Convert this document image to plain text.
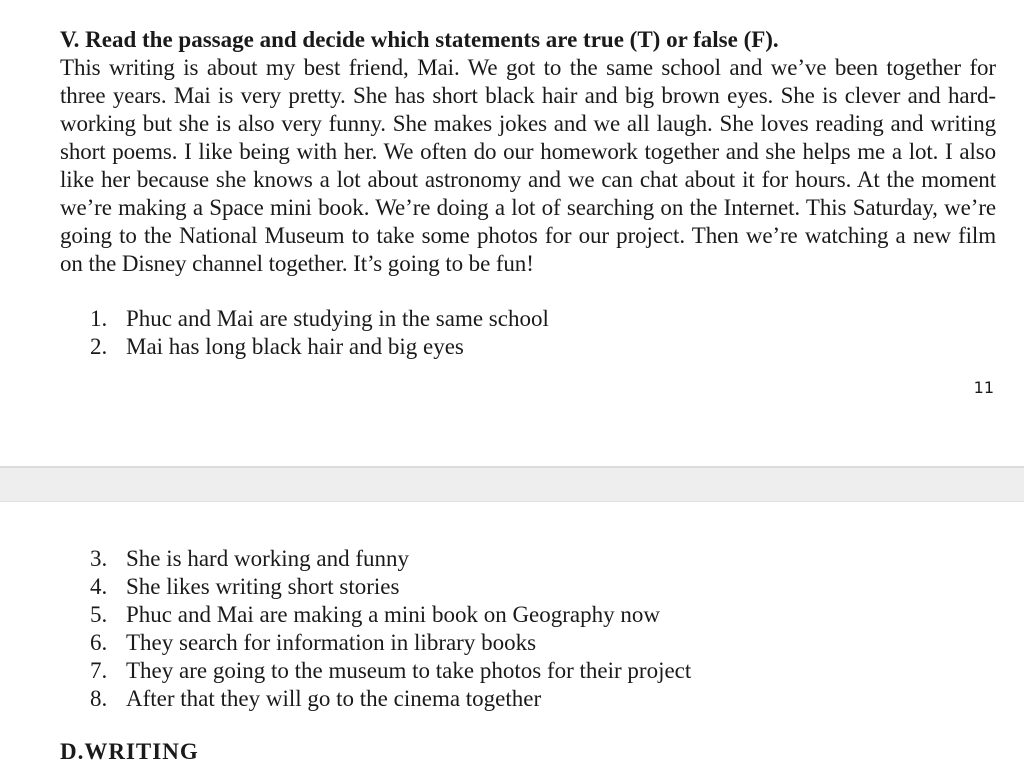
V. Read the passage and decide which statements are true (T) or false (F).
This writing is about my best friend, Mai. We got to the same school and we’ve been together for three years. Mai is very pretty. She has short black hair and big brown eyes. She is clever and hard-working but she is also very funny. She makes jokes and we all laugh. She loves reading and writing short poems. I like being with her. We often do our homework together and she helps me a lot. I also like her because she knows a lot about astronomy and we can chat about it for hours. At the moment we’re making a Space mini book. We’re doing a lot of searching on the Internet. This Saturday, we’re going to the National Museum to take some photos for our project. Then we’re watching a new film on the Disney channel together. It’s going to be fun!
1. Phuc and Mai are studying in the same school
2. Mai has long black hair and big eyes
11
3. She is hard working and funny
4. She likes writing short stories
5. Phuc and Mai are making a mini book on Geography now
6. They search for information in library books
7. They are going to the museum to take photos for their project
8. After that they will go to the cinema together
D.WRITING
